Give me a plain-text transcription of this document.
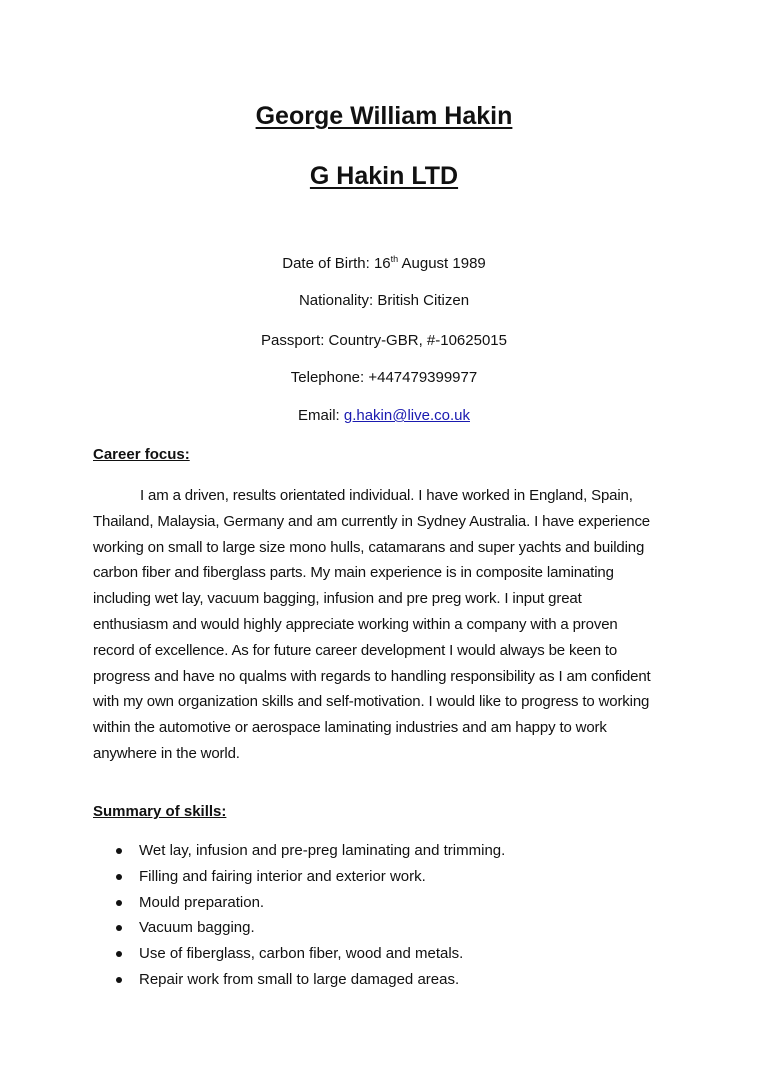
George William Hakin
G Hakin LTD
Date of Birth: 16th August 1989
Nationality: British Citizen
Passport: Country-GBR, #-10625015
Telephone: +447479399977
Email: g.hakin@live.co.uk
Career focus:

I am a driven, results orientated individual. I have worked in England, Spain, Thailand, Malaysia, Germany and am currently in Sydney Australia. I have experience working on small to large size mono hulls, catamarans and super yachts and building carbon fiber and fiberglass parts. My main experience is in composite laminating including wet lay, vacuum bagging, infusion and pre preg work. I input great enthusiasm and would highly appreciate working within a company with a proven record of excellence. As for future career development I would always be keen to progress and have no qualms with regards to handling responsibility as I am confident with my own organization skills and self-motivation. I would like to progress to working within the automotive or aerospace laminating industries and am happy to work anywhere in the world.

Summary of skills:
Wet lay, infusion and pre-preg laminating and trimming.
Filling and fairing interior and exterior work.
Mould preparation.
Vacuum bagging.
Use of fiberglass, carbon fiber, wood and metals.
Repair work from small to large damaged areas.
